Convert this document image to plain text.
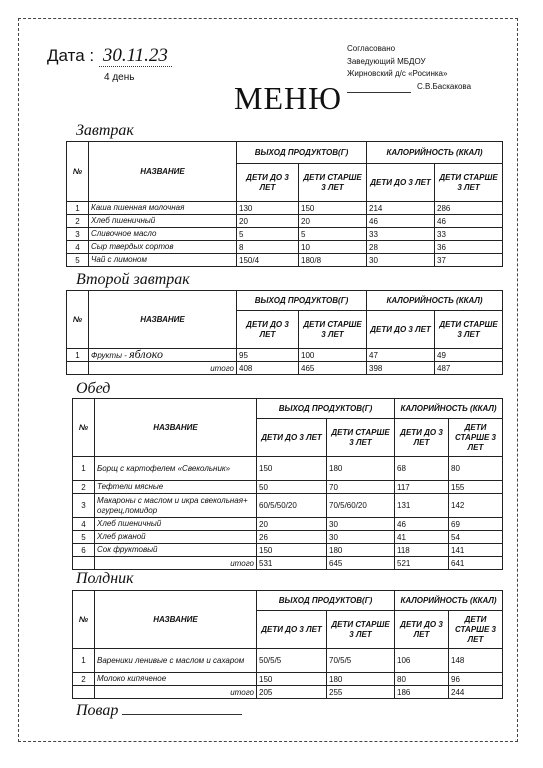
Дата : 30.11.23
4 день
Согласовано
Заведующий МБДОУ
Жирновский д/с «Росинка»
С.В.Баскакова
МЕНЮ
Завтрак
№	НАЗВАНИЕ	ВЫХОД ПРОДУКТОВ(Г)		КАЛОРИЙНОСТЬ (ККАЛ)	
		ДЕТИ ДО 3 ЛЕТ	ДЕТИ СТАРШЕ 3 ЛЕТ	ДЕТИ ДО 3 ЛЕТ	ДЕТИ СТАРШЕ 3 ЛЕТ
1	Каша пшенная молочная	130	150	214	286
2	Хлеб пшеничный	20	20	46	46
3	Сливочное масло	5	5	33	33
4	Сыр твердых сортов	8	10	28	36
5	Чай с лимоном	150/4	180/8	30	37
Второй завтрак
№	НАЗВАНИЕ	ВЫХОД ПРОДУКТОВ(Г)		КАЛОРИЙНОСТЬ (ККАЛ)	
		ДЕТИ ДО 3 ЛЕТ	ДЕТИ СТАРШЕ 3 ЛЕТ	ДЕТИ ДО 3 ЛЕТ	ДЕТИ СТАРШЕ 3 ЛЕТ
1	Фрукты - яблоко	95	100	47	49
	итого	408	465	398	487
Обед
№	НАЗВАНИЕ	ВЫХОД ПРОДУКТОВ(Г)		КАЛОРИЙНОСТЬ (ККАЛ)	
		ДЕТИ ДО 3 ЛЕТ	ДЕТИ СТАРШЕ 3 ЛЕТ	ДЕТИ ДО 3 ЛЕТ	ДЕТИ СТАРШЕ 3 ЛЕТ
1	Борщ с картофелем «Свекольник»	150	180	68	80
2	Тефтели мясные	50	70	117	155
3	Макароны с маслом и икра свекольная+ огурец,помидор	60/5/50/20	70/5/60/20	131	142
4	Хлеб пшеничный	20	30	46	69
5	Хлеб ржаной	26	30	41	54
6	Сок фруктовый	150	180	118	141
	итого	531	645	521	641
Полдник
№	НАЗВАНИЕ	ВЫХОД ПРОДУКТОВ(Г)		КАЛОРИЙНОСТЬ (ККАЛ)	
		ДЕТИ ДО 3 ЛЕТ	ДЕТИ СТАРШЕ 3 ЛЕТ	ДЕТИ ДО 3 ЛЕТ	ДЕТИ СТАРШЕ 3 ЛЕТ
1	Вареники ленивые с маслом и сахаром	50/5/5	70/5/5	106	148
2	Молоко кипяченое	150	180	80	96
	итого	205	255	186	244
Повар
